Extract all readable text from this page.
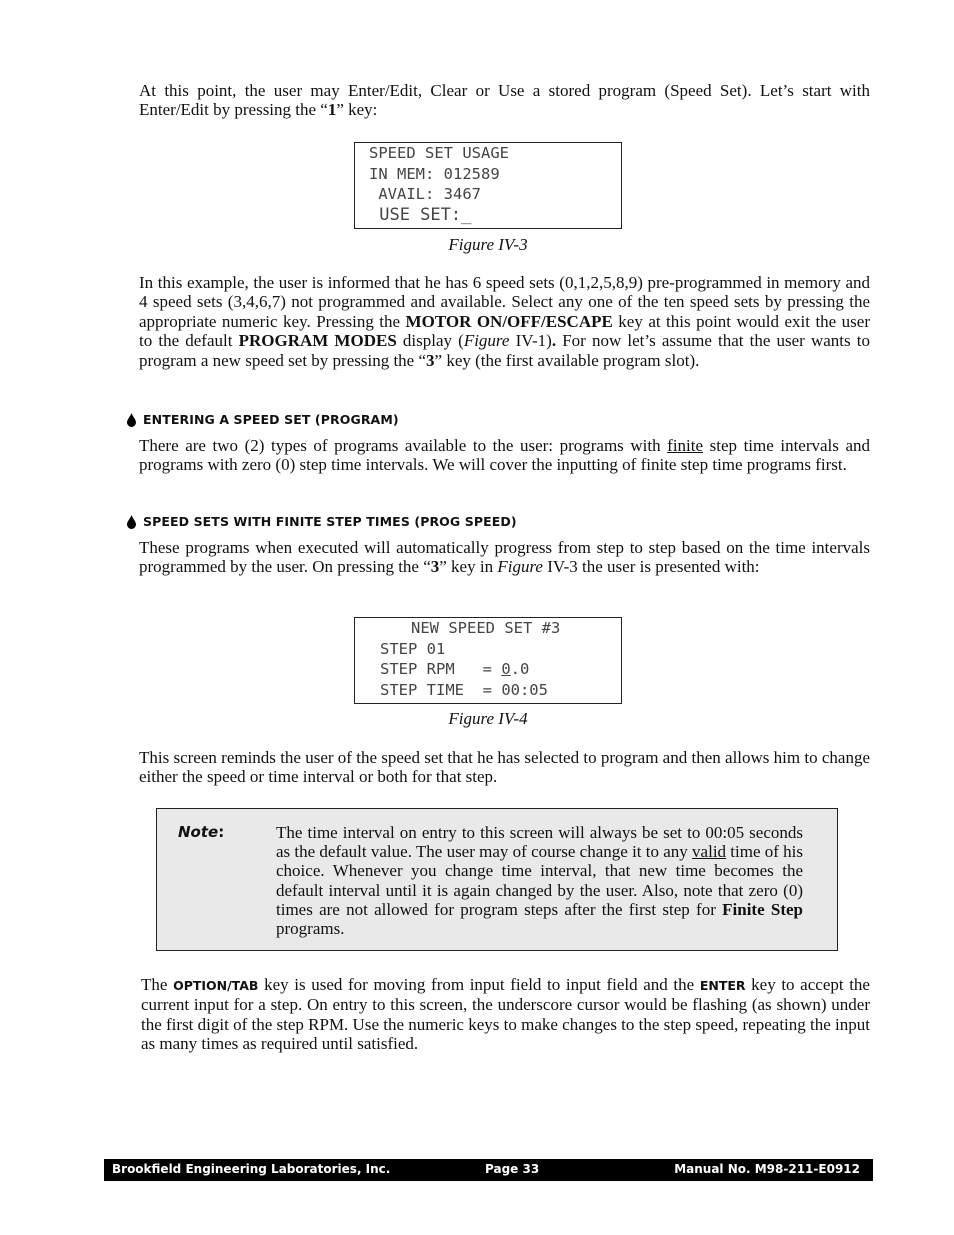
At this point, the user may Enter/Edit, Clear or Use a stored program (Speed Set). Let’s start with Enter/Edit by pressing the “1” key:

SPEED SET USAGE
IN MEM: 012589
AVAIL: 3467
USE SET:_
Figure IV-3

In this example, the user is informed that he has 6 speed sets (0,1,2,5,8,9) pre-programmed in memory and 4 speed sets (3,4,6,7) not programmed and available. Select any one of the ten speed sets by pressing the appropriate numeric key. Pressing the MOTOR ON/OFF/ESCAPE key at this point would exit the user to the default PROGRAM MODES display (Figure IV-1). For now let’s assume that the user wants to program a new speed set by pressing the “3” key (the first available program slot).

ENTERING A SPEED SET (PROGRAM)

There are two (2) types of programs available to the user: programs with finite step time intervals and programs with zero (0) step time intervals. We will cover the inputting of finite step time programs first.

SPEED SETS WITH FINITE STEP TIMES (PROG SPEED)

These programs when executed will automatically progress from step to step based on the time intervals programmed by the user. On pressing the “3” key in Figure IV-3 the user is presented with:

NEW SPEED SET #3
STEP 01
STEP RPM   = 0.0
STEP TIME  = 00:05
Figure IV-4

This screen reminds the user of the speed set that he has selected to program and then allows him to change either the speed or time interval or both for that step.

Note:	The time interval on entry to this screen will always be set to 00:05 seconds as the default value. The user may of course change it to any valid time of his choice. Whenever you change time interval, that new time becomes the default interval until it is again changed by the user. Also, note that zero (0) times are not allowed for program steps after the first step for Finite Step programs.

The OPTION/TAB key is used for moving from input field to input field and the ENTER key to accept the current input for a step. On entry to this screen, the underscore cursor would be flashing (as shown) under the first digit of the step RPM. Use the numeric keys to make changes to the step speed, repeating the input as many times as required until satisfied.

Brookfield Engineering Laboratories, Inc.	Page 33	Manual No. M98-211-E0912
